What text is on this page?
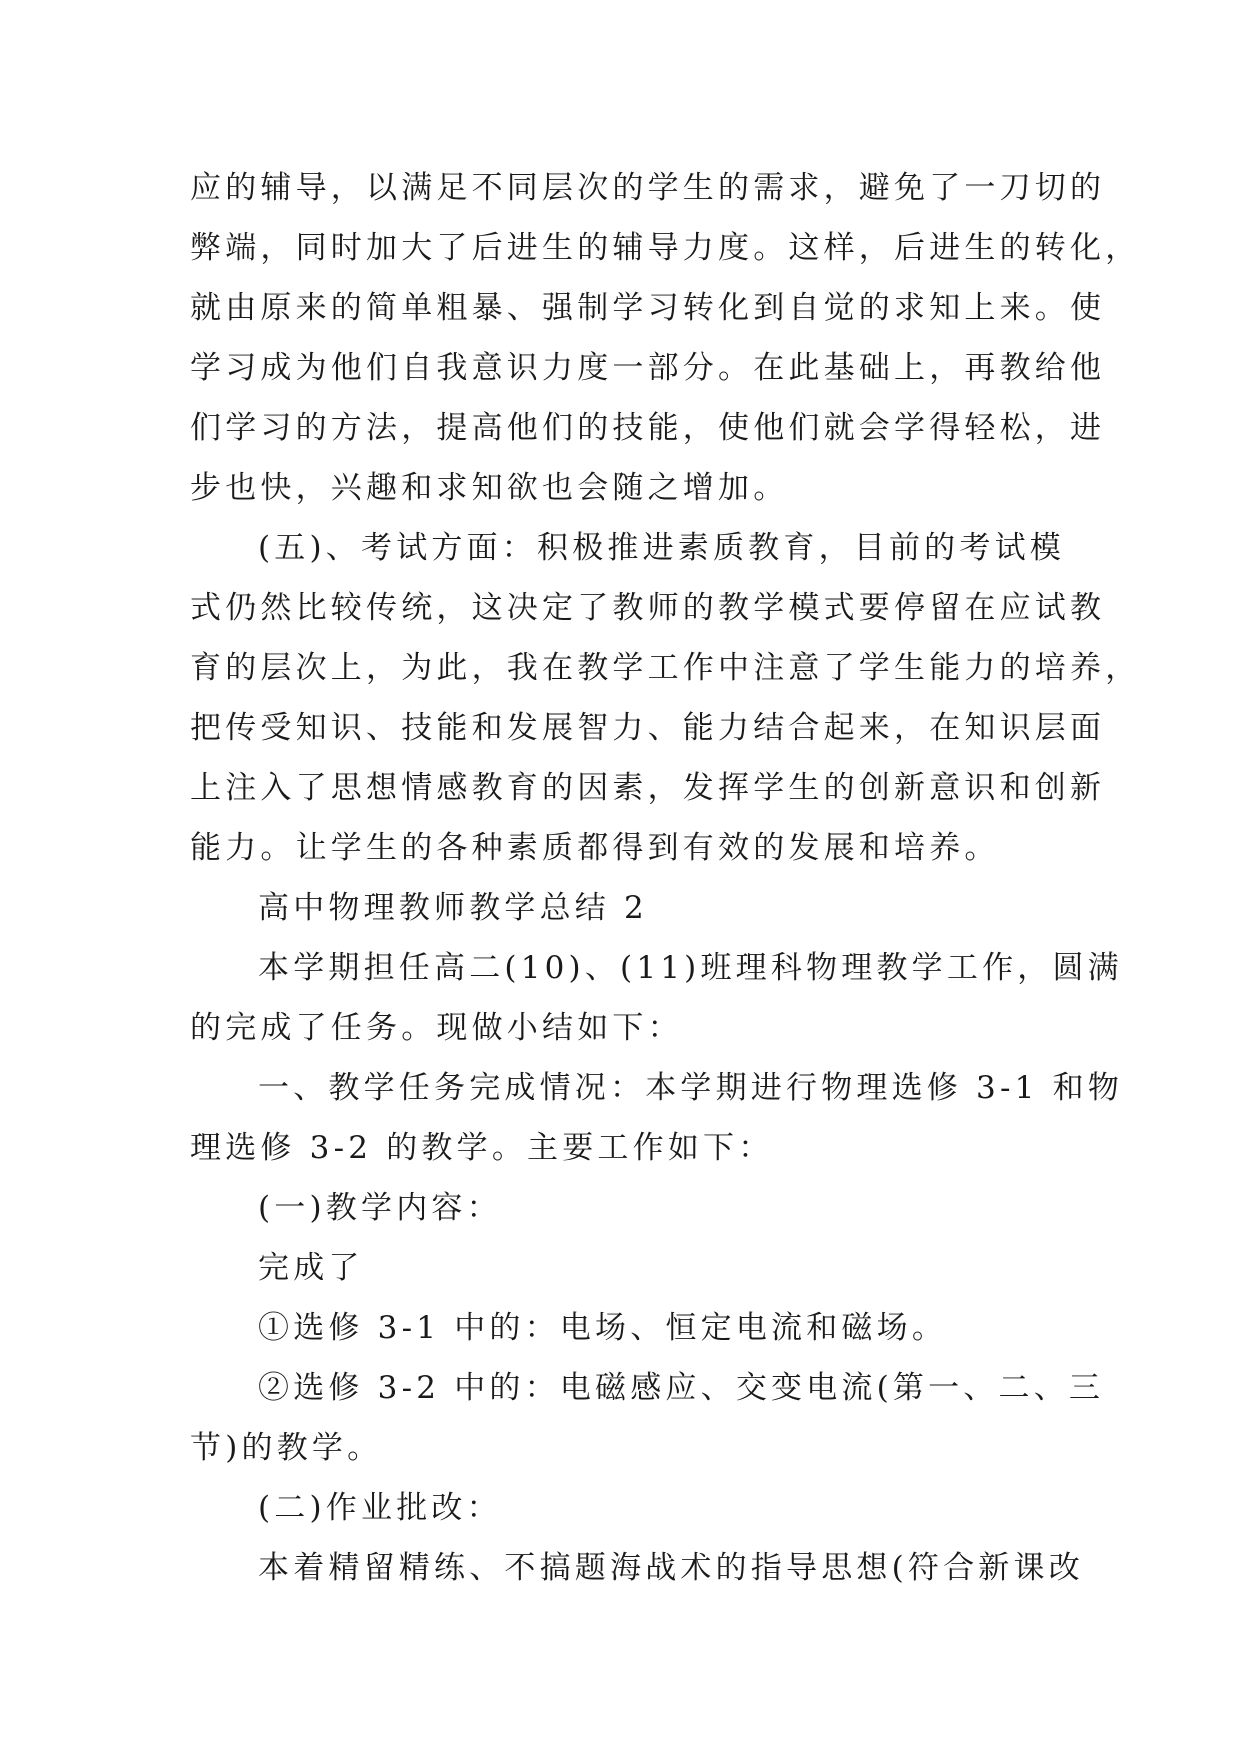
应的辅导，以满足不同层次的学生的需求，避免了一刀切的
弊端，同时加大了后进生的辅导力度。这样，后进生的转化，
就由原来的简单粗暴、强制学习转化到自觉的求知上来。使
学习成为他们自我意识力度一部分。在此基础上，再教给他
们学习的方法，提高他们的技能，使他们就会学得轻松，进
步也快，兴趣和求知欲也会随之增加。
(五)、考试方面：积极推进素质教育，目前的考试模
式仍然比较传统，这决定了教师的教学模式要停留在应试教
育的层次上，为此，我在教学工作中注意了学生能力的培养，
把传受知识、技能和发展智力、能力结合起来，在知识层面
上注入了思想情感教育的因素，发挥学生的创新意识和创新
能力。让学生的各种素质都得到有效的发展和培养。
高中物理教师教学总结 2
本学期担任高二(10)、(11)班理科物理教学工作，圆满
的完成了任务。现做小结如下：
一、教学任务完成情况：本学期进行物理选修 3-1 和物
理选修 3-2 的教学。主要工作如下：
(一)教学内容：
完成了
①选修 3-1 中的：电场、恒定电流和磁场。
②选修 3-2 中的：电磁感应、交变电流(第一、二、三
节)的教学。
(二)作业批改：
本着精留精练、不搞题海战术的指导思想(符合新课改
